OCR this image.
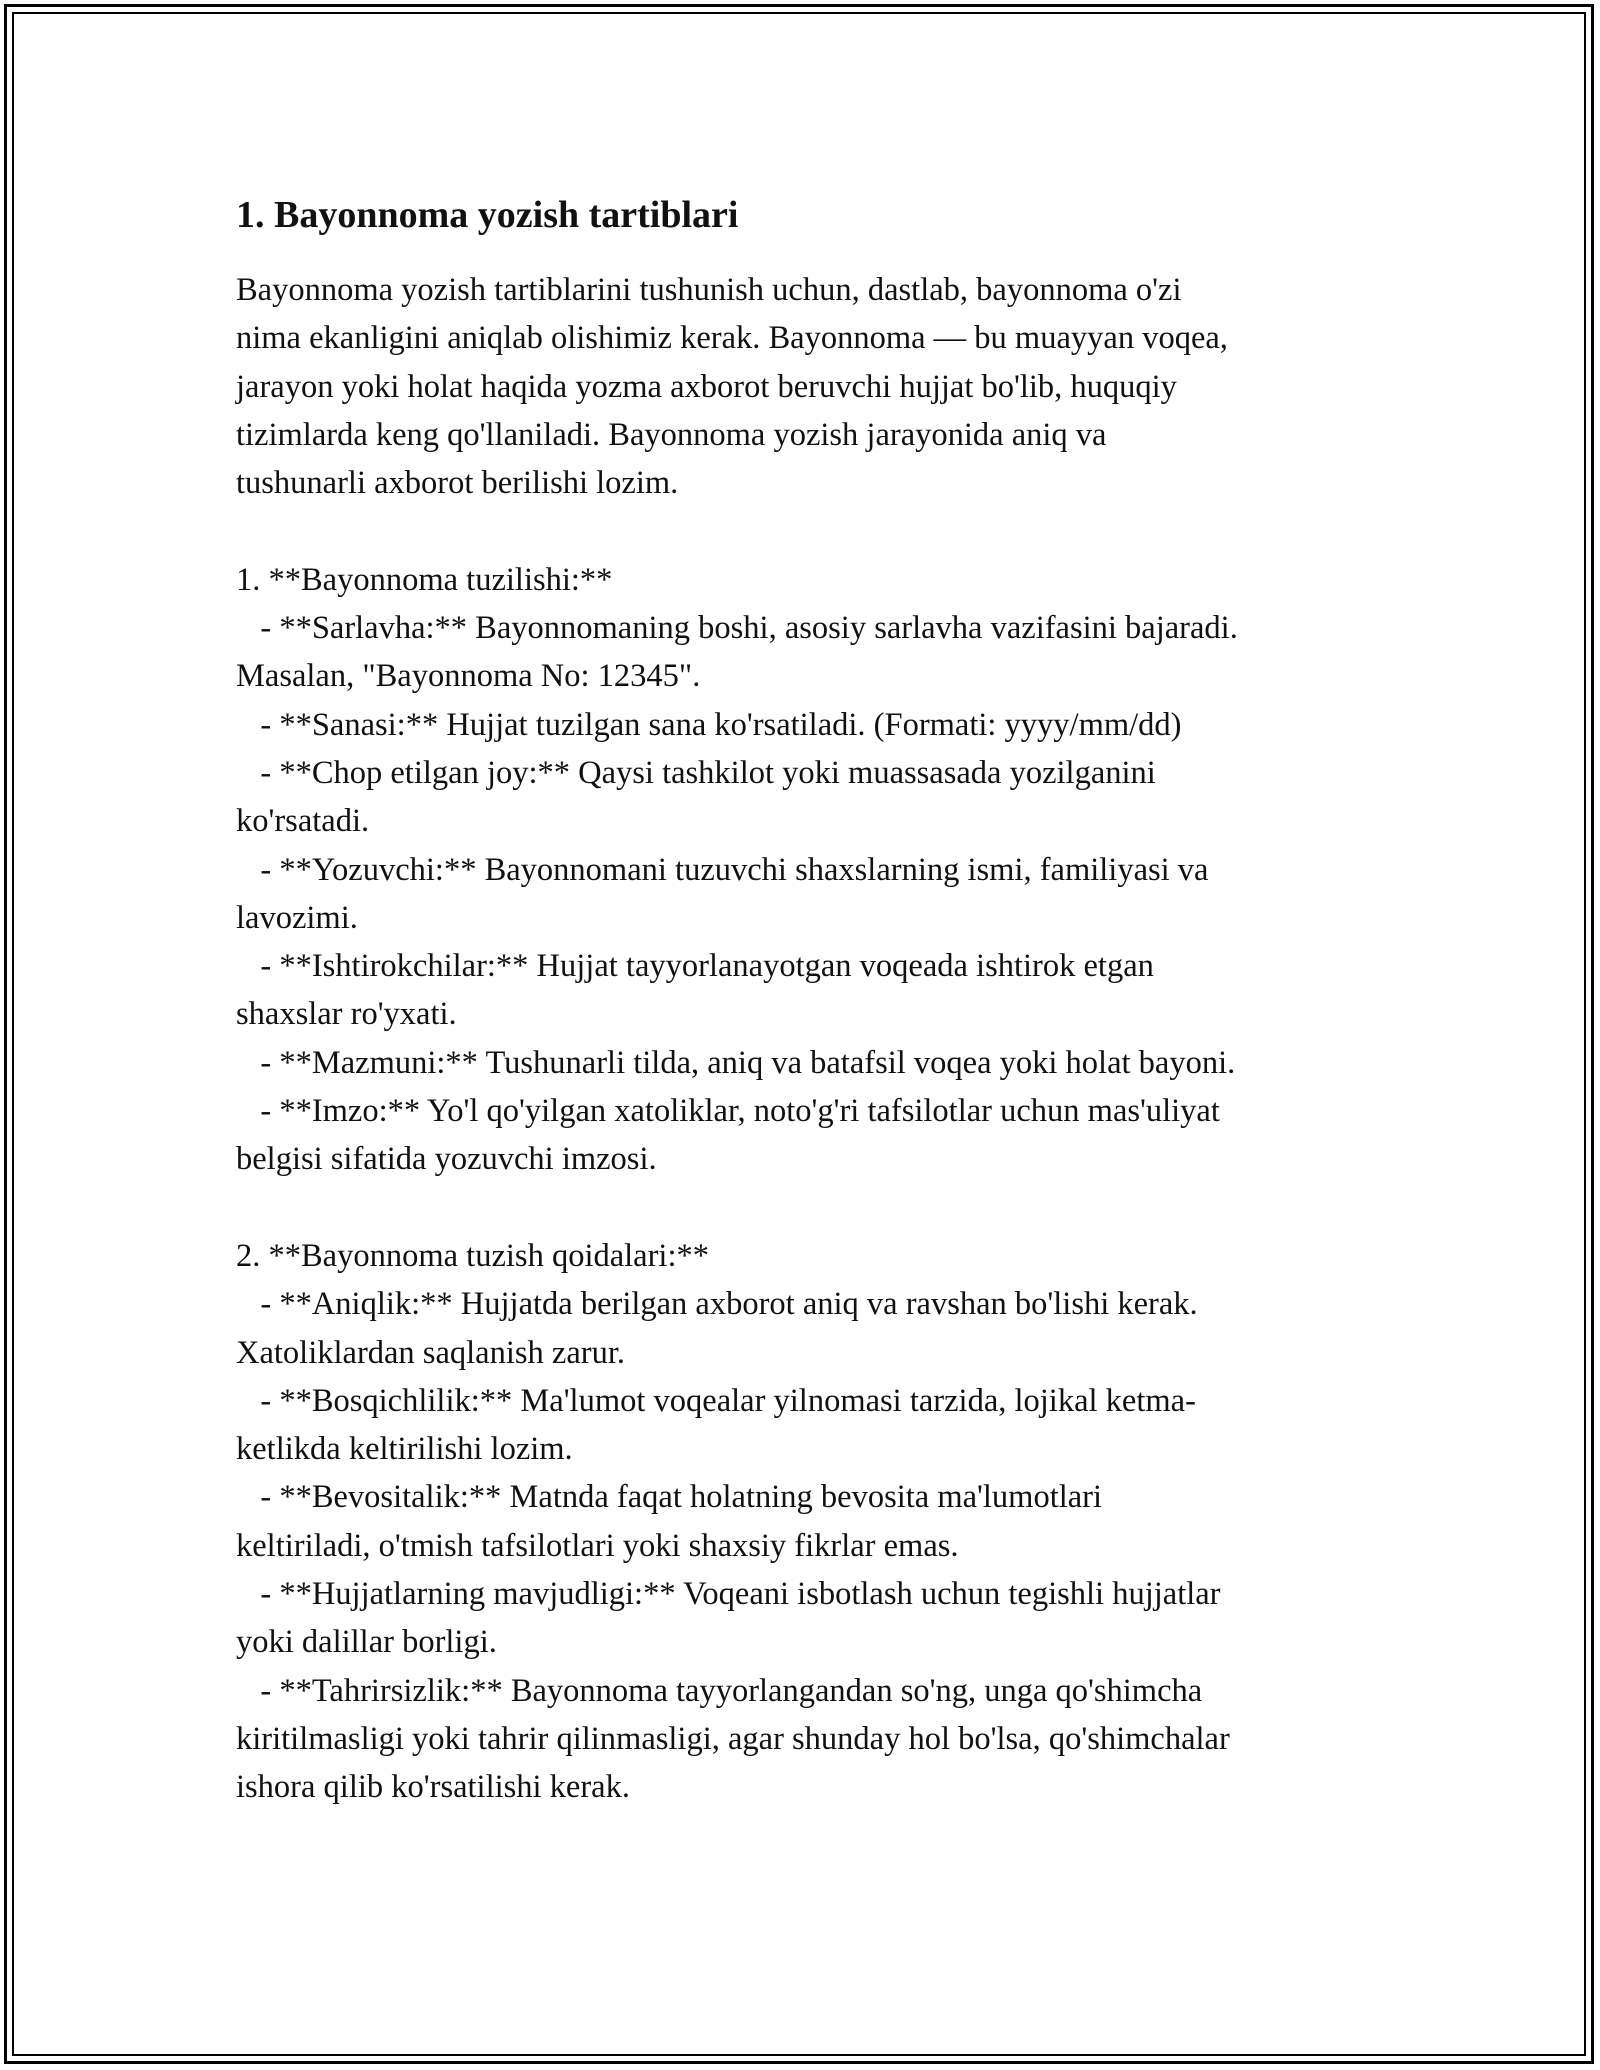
1. Bayonnoma yozish tartiblari
Bayonnoma yozish tartiblarini tushunish uchun, dastlab, bayonnoma o'zi
nima ekanligini aniqlab olishimiz kerak. Bayonnoma — bu muayyan voqea,
jarayon yoki holat haqida yozma axborot beruvchi hujjat bo'lib, huquqiy
tizimlarda keng qo'llaniladi. Bayonnoma yozish jarayonida aniq va
tushunarli axborot berilishi lozim.

1. **Bayonnoma tuzilishi:**
- **Sarlavha:** Bayonnomaning boshi, asosiy sarlavha vazifasini bajaradi.
Masalan, "Bayonnoma No: 12345".
- **Sanasi:** Hujjat tuzilgan sana ko'rsatiladi. (Formati: yyyy/mm/dd)
- **Chop etilgan joy:** Qaysi tashkilot yoki muassasada yozilganini
ko'rsatadi.
- **Yozuvchi:** Bayonnomani tuzuvchi shaxslarning ismi, familiyasi va
lavozimi.
- **Ishtirokchilar:** Hujjat tayyorlanayotgan voqeada ishtirok etgan
shaxslar ro'yxati.
- **Mazmuni:** Tushunarli tilda, aniq va batafsil voqea yoki holat bayoni.
- **Imzo:** Yo'l qo'yilgan xatoliklar, noto'g'ri tafsilotlar uchun mas'uliyat
belgisi sifatida yozuvchi imzosi.

2. **Bayonnoma tuzish qoidalari:**
- **Aniqlik:** Hujjatda berilgan axborot aniq va ravshan bo'lishi kerak.
Xatoliklardan saqlanish zarur.
- **Bosqichlilik:** Ma'lumot voqealar yilnomasi tarzida, lojikal ketma-
ketlikda keltirilishi lozim.
- **Bevositalik:** Matnda faqat holatning bevosita ma'lumotlari
keltiriladi, o'tmish tafsilotlari yoki shaxsiy fikrlar emas.
- **Hujjatlarning mavjudligi:** Voqeani isbotlash uchun tegishli hujjatlar
yoki dalillar borligi.
- **Tahrirsizlik:** Bayonnoma tayyorlangandan so'ng, unga qo'shimcha
kiritilmasligi yoki tahrir qilinmasligi, agar shunday hol bo'lsa, qo'shimchalar
ishora qilib ko'rsatilishi kerak.
